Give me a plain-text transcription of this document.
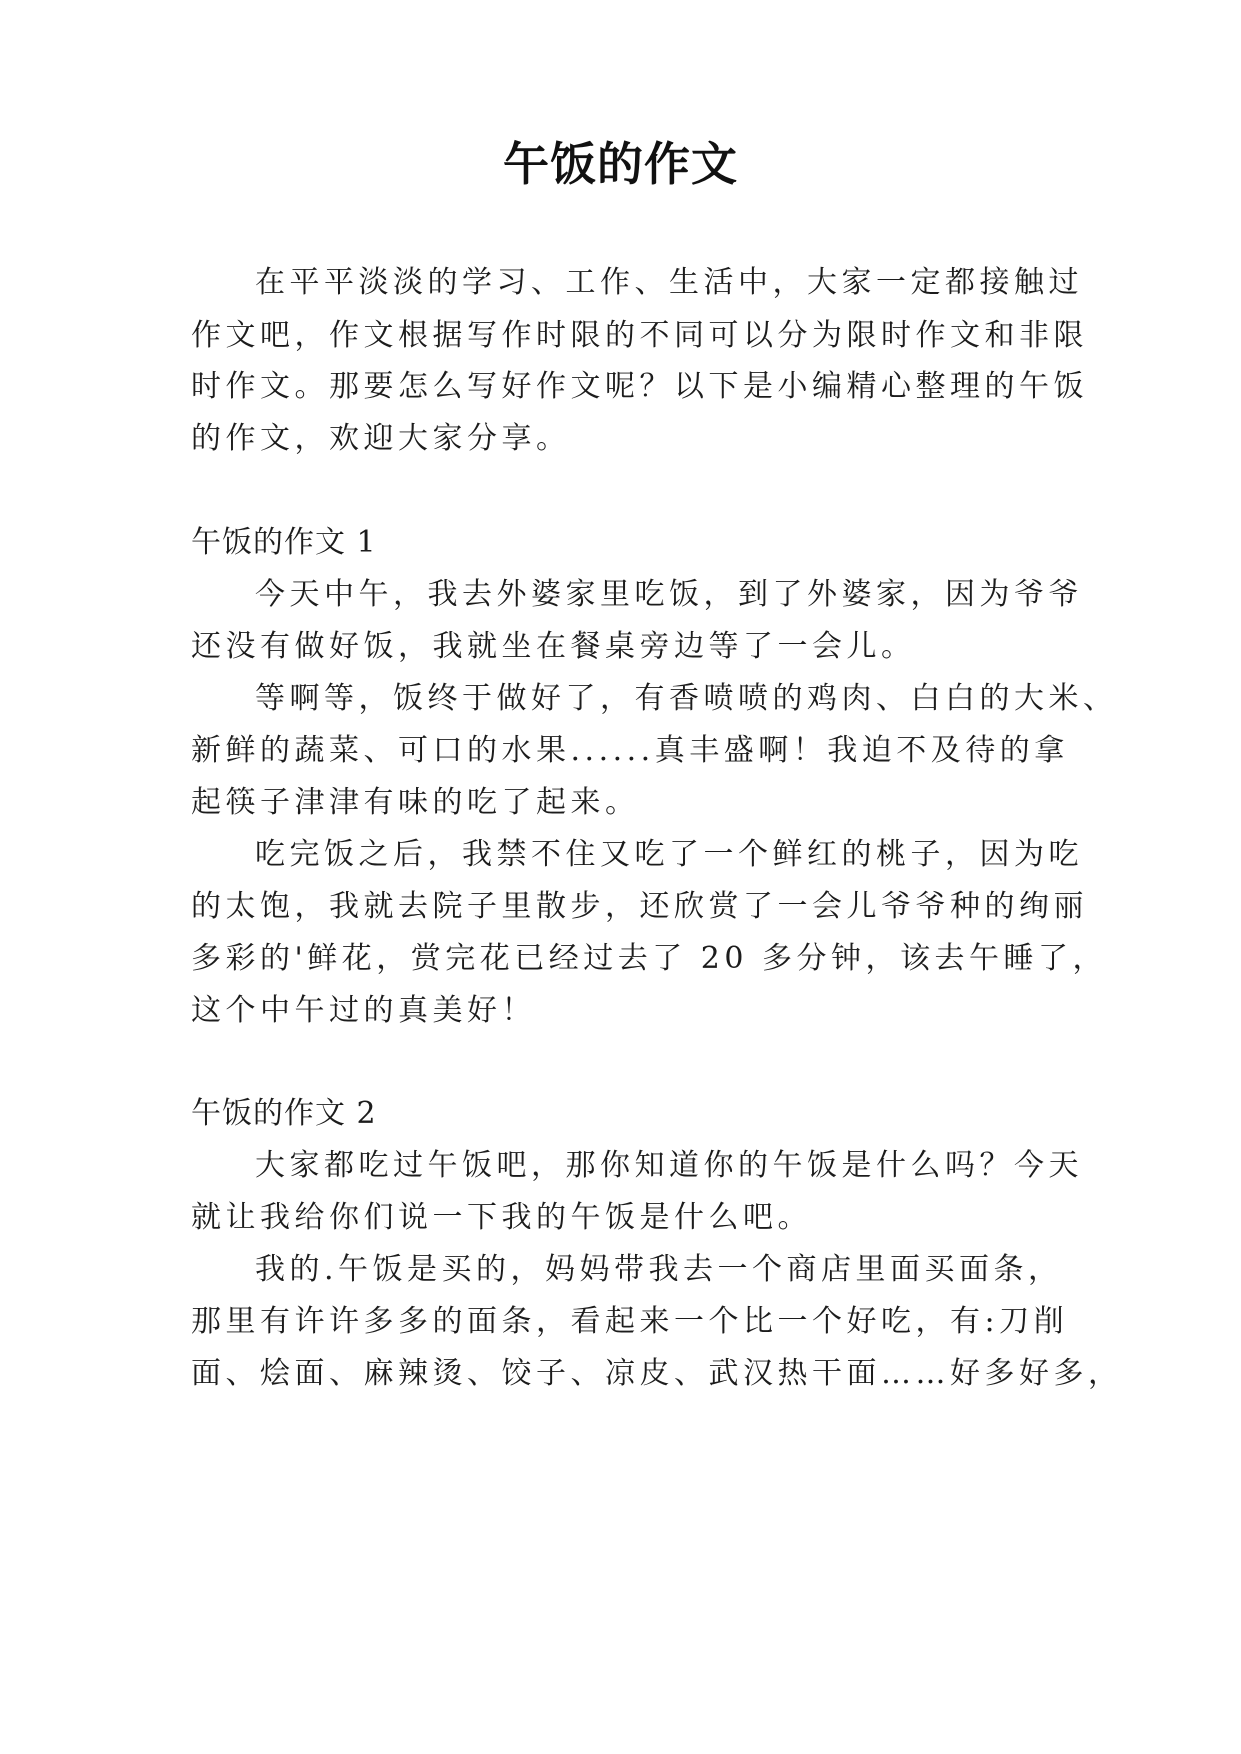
午饭的作文
在平平淡淡的学习、工作、生活中，大家一定都接触过
作文吧，作文根据写作时限的不同可以分为限时作文和非限
时作文。那要怎么写好作文呢？以下是小编精心整理的午饭
的作文，欢迎大家分享。
午饭的作文 1
今天中午，我去外婆家里吃饭，到了外婆家，因为爷爷
还没有做好饭，我就坐在餐桌旁边等了一会儿。
等啊等，饭终于做好了，有香喷喷的鸡肉、白白的大米、
新鲜的蔬菜、可口的水果......真丰盛啊！我迫不及待的拿
起筷子津津有味的吃了起来。
吃完饭之后，我禁不住又吃了一个鲜红的桃子，因为吃
的太饱，我就去院子里散步，还欣赏了一会儿爷爷种的绚丽
多彩的'鲜花，赏完花已经过去了 20 多分钟，该去午睡了，
这个中午过的真美好！
午饭的作文 2
大家都吃过午饭吧，那你知道你的午饭是什么吗？今天
就让我给你们说一下我的午饭是什么吧。
我的.午饭是买的，妈妈带我去一个商店里面买面条，
那里有许许多多的面条，看起来一个比一个好吃，有:刀削
面、烩面、麻辣烫、饺子、凉皮、武汉热干面……好多好多，
